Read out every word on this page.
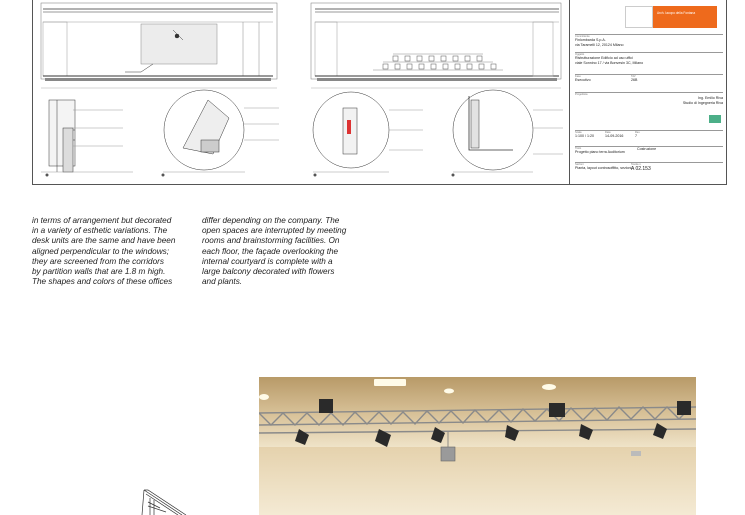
Arch. Iacopo della Fontana
Committente
Finlombarda S.p.A.
via Taramelli 12, 20124 Milano
Oggetto
Ristrutturazione Edificio ad uso uffici
viale Sonnino 17 / via Bonvesin 3C, Milano
Fase
Esecutivo
TAV
26B
Progettista
Ing. Emilio Riva
Studio di Ingegneria Riva
Scala
1:100 / 1:20
Data
14-09-2016
Rev.
7
Titolo
Progetto piano terra Auditorium
Costruzione
Sezioni
Pianta, layout controsoffitto, sezioni
Tavola n.
A 02.153
in terms of arrangement but decorated
in a variety of esthetic variations. The
desk units are the same and have been
aligned perpendicular to the windows;
they are screened from the corridors
by partition walls that are 1.8 m high.
The shapes and colors of these offices
differ depending on the company. The
open spaces are interrupted by meeting
rooms and brainstorming facilities. On
each floor, the façade overlooking the
internal courtyard is complete with a
large balcony decorated with flowers
and plants.
